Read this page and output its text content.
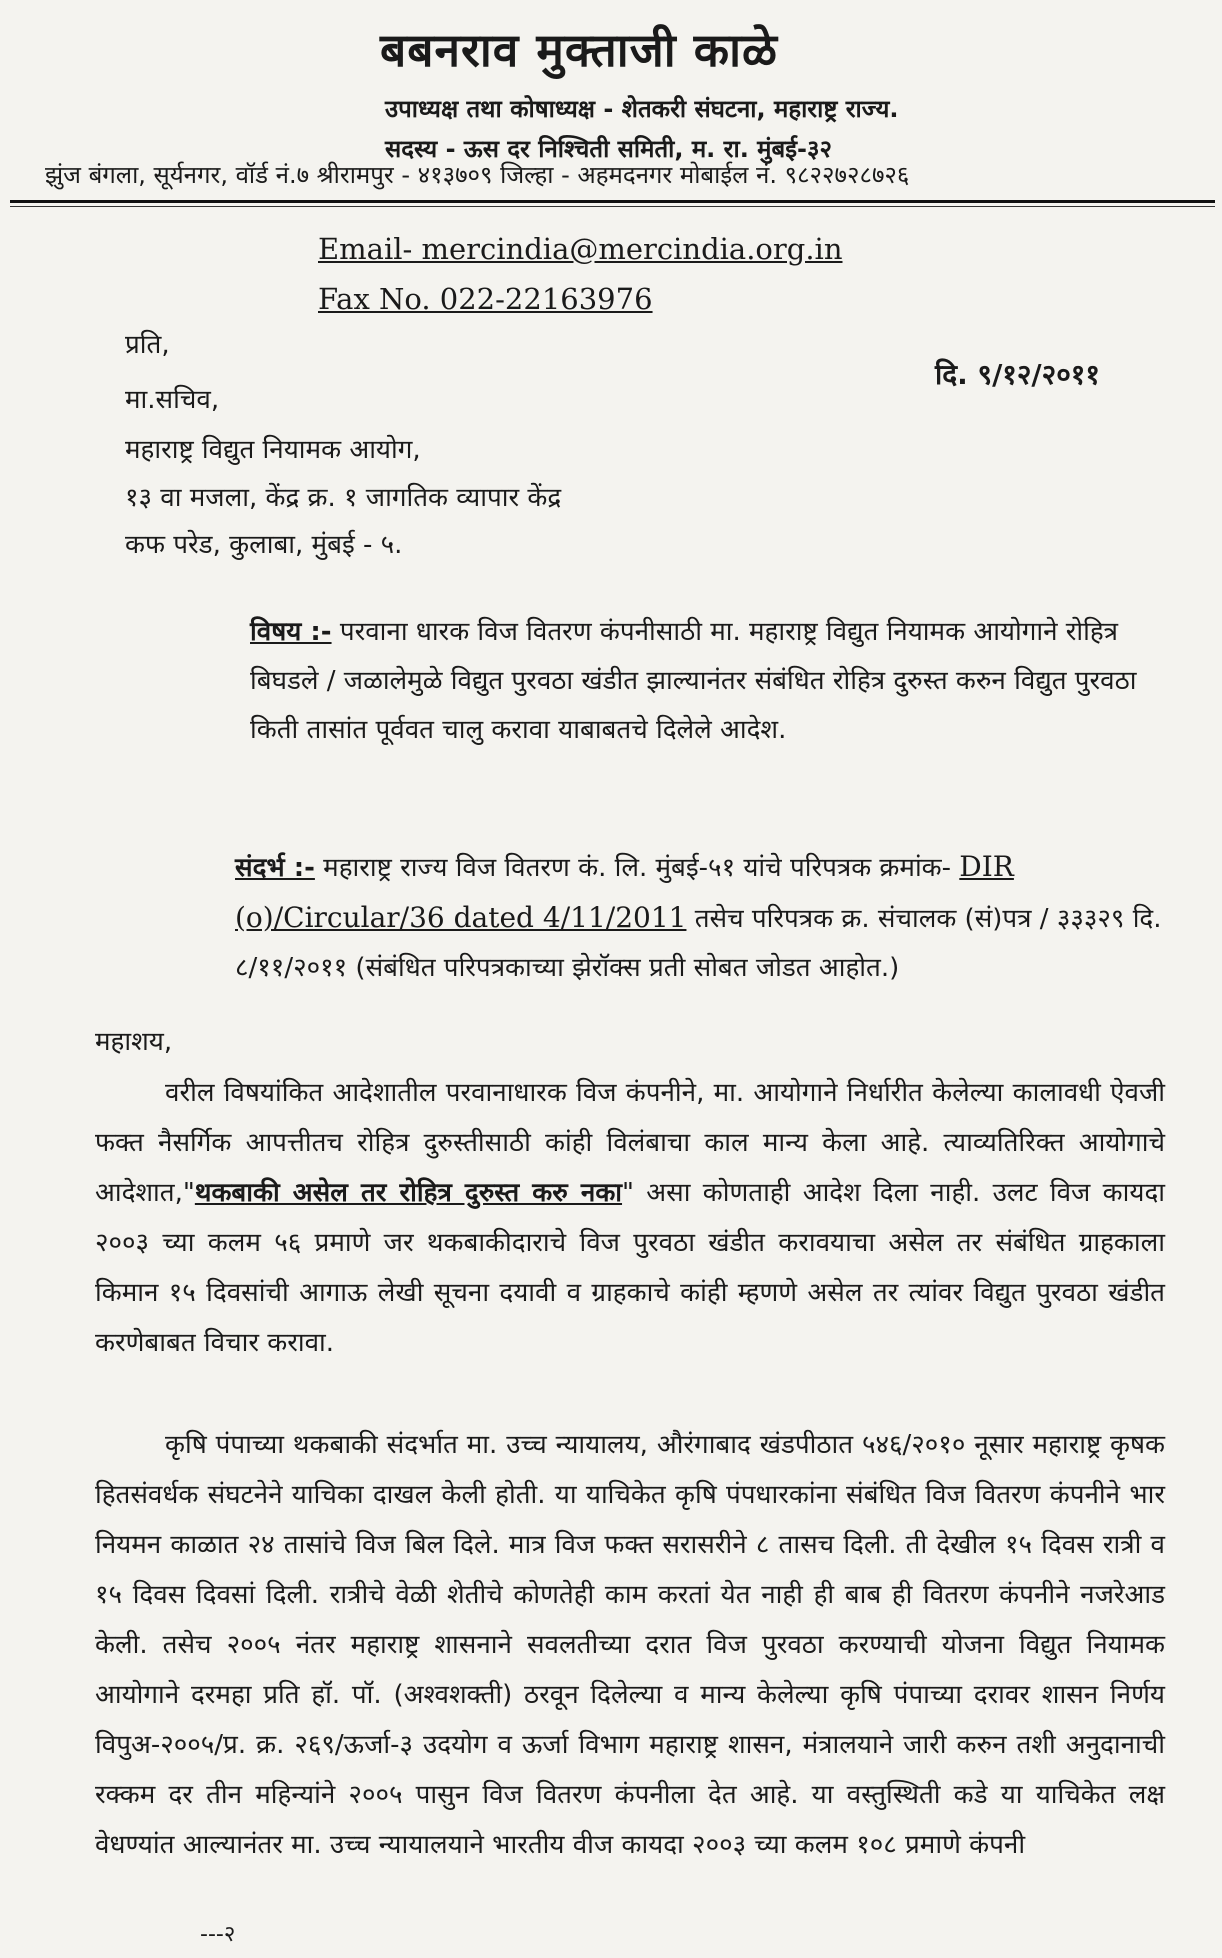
बबनराव मुक्ताजी काळे
उपाध्यक्ष तथा कोषाध्यक्ष - शेतकरी संघटना, महाराष्ट्र राज्य.
सदस्य - ऊस दर निश्चिती समिती, म. रा. मुंबई-३२
झुंज बंगला, सूर्यनगर, वॉर्ड नं.७ श्रीरामपुर - ४१३७०९ जिल्हा - अहमदनगर मोबाईल नं. ९८२२७२८७२६
Email- mercindia@mercindia.org.in
Fax No. 022-22163976
प्रति,
दि. ९/१२/२०११
मा.सचिव,
महाराष्ट्र विद्युत नियामक आयोग,
१३ वा मजला, केंद्र क्र. १ जागतिक व्यापार केंद्र
कफ परेड, कुलाबा, मुंबई - ५.
विषय :- परवाना धारक विज वितरण कंपनीसाठी मा. महाराष्ट्र विद्युत नियामक आयोगाने रोहित्र बिघडले / जळालेमुळे विद्युत पुरवठा खंडीत झाल्यानंतर संबंधित रोहित्र दुरुस्त करुन विद्युत पुरवठा किती तासांत पूर्ववत चालु करावा याबाबतचे दिलेले आदेश.
संदर्भ :- महाराष्ट्र राज्य विज वितरण कं. लि. मुंबई-५१ यांचे परिपत्रक क्रमांक- DIR (o)/Circular/36 dated 4/11/2011 तसेच परिपत्रक क्र. संचालक (सं)पत्र / ३३३२९ दि. ८/११/२०११ (संबंधित परिपत्रकाच्या झेरॉक्स प्रती सोबत जोडत आहोत.)
महाशय,
वरील विषयांकित आदेशातील परवानाधारक विज कंपनीने, मा. आयोगाने निर्धारीत केलेल्या कालावधी ऐवजी फक्त नैसर्गिक आपत्तीतच रोहित्र दुरुस्तीसाठी कांही विलंबाचा काल मान्य केला आहे. त्याव्यतिरिक्त आयोगाचे आदेशात,"थकबाकी असेल तर रोहित्र दुरुस्त करु नका" असा कोणताही आदेश दिला नाही. उलट विज कायदा २००३ च्या कलम ५६ प्रमाणे जर थकबाकीदाराचे विज पुरवठा खंडीत करावयाचा असेल तर संबंधित ग्राहकाला किमान १५ दिवसांची आगाऊ लेखी सूचना दयावी व ग्राहकाचे कांही म्हणणे असेल तर त्यांवर विद्युत पुरवठा खंडीत करणेबाबत विचार करावा.
कृषि पंपाच्या थकबाकी संदर्भात मा. उच्च न्यायालय, औरंगाबाद खंडपीठात ५४६/२०१० नूसार महाराष्ट्र कृषक हितसंवर्धक संघटनेने याचिका दाखल केली होती. या याचिकेत कृषि पंपधारकांना संबंधित विज वितरण कंपनीने भार नियमन काळात २४ तासांचे विज बिल दिले. मात्र विज फक्त सरासरीने ८ तासच दिली. ती देखील १५ दिवस रात्री व १५ दिवस दिवसां दिली. रात्रीचे वेळी शेतीचे कोणतेही काम करतां येत नाही ही बाब ही वितरण कंपनीने नजरेआड केली. तसेच २००५ नंतर महाराष्ट्र शासनाने सवलतीच्या दरात विज पुरवठा करण्याची योजना विद्युत नियामक आयोगाने दरमहा प्रति हॉ. पॉ. (अश्वशक्ती) ठरवून दिलेल्या व मान्य केलेल्या कृषि पंपाच्या दरावर शासन निर्णय विपुअ-२००५/प्र. क्र. २६९/ऊर्जा-३ उदयोग व ऊर्जा विभाग महाराष्ट्र शासन, मंत्रालयाने जारी करुन तशी अनुदानाची रक्कम दर तीन महिन्यांने २००५ पासुन विज वितरण कंपनीला देत आहे. या वस्तुस्थिती कडे या याचिकेत लक्ष वेधण्यांत आल्यानंतर मा. उच्च न्यायालयाने भारतीय वीज कायदा २००३ च्या कलम १०८ प्रमाणे कंपनी
---२
